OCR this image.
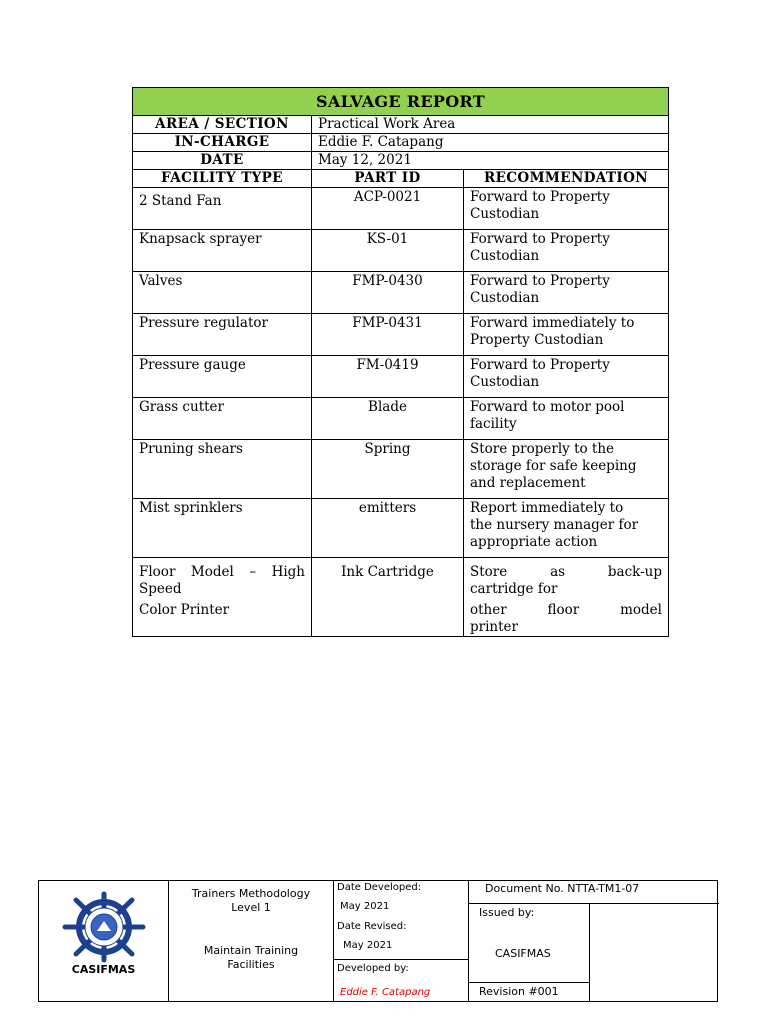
SALVAGE REPORT		
AREA / SECTION	Practical Work Area	
IN-CHARGE	Eddie F. Catapang	
DATE	May 12, 2021	
FACILITY TYPE	PART ID	RECOMMENDATION
2 Stand Fan	ACP-0021	Forward to Property
Custodian

Knapsack sprayer	KS-01	Forward to Property
Custodian

Valves	FMP-0430	Forward to Property
Custodian

Pressure regulator	FMP-0431	Forward immediately to
Property Custodian

Pressure gauge	FM-0419	Forward to Property
Custodian

Grass cutter	Blade	Forward to motor pool
facility

Pruning shears	Spring	Store properly to the
storage for safe keeping
and replacement

Mist sprinklers	emitters	Report immediately to
the nursery manager for
appropriate action

Floor Model – High
Speed
Color Printer	Ink Cartridge	Store as back-up
cartridge for
other floor model
printer
CASIFMAS
Trainers Methodology
Level 1
Maintain Training
Facilities
Date Developed:
May 2021
Date Revised:
May 2021
Developed by:
Eddie F. Catapang
Document No. NTTA-TM1-07
Issued by:
CASIFMAS
Revision #001
